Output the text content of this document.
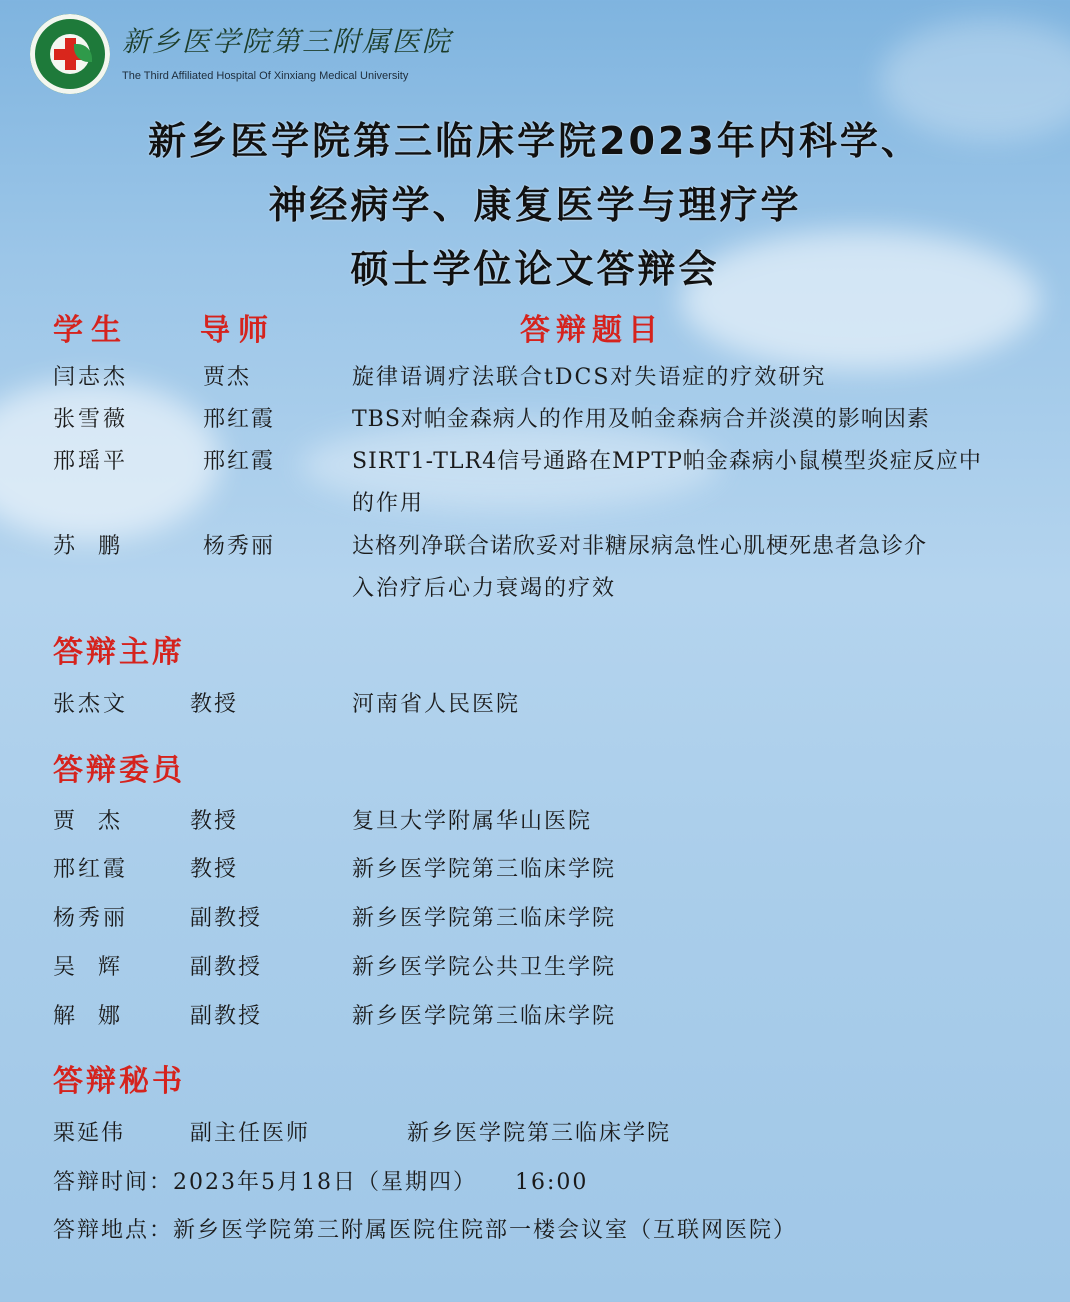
新乡医学院第三附属医院
The Third Affiliated Hospital Of Xinxiang Medical University
新乡医学院第三临床学院2023年内科学、
神经病学、康复医学与理疗学
硕士学位论文答辩会
学生 导师	答辩题目
闫志杰	贾杰	旋律语调疗法联合tDCS对失语症的疗效研究
张雪薇	邢红霞	TBS对帕金森病人的作用及帕金森病合并淡漠的影响因素
邢瑶平	邢红霞	SIRT1-TLR4信号通路在MPTP帕金森病小鼠模型炎症反应中
的作用
苏  鹏	杨秀丽	达格列净联合诺欣妥对非糖尿病急性心肌梗死患者急诊介
入治疗后心力衰竭的疗效
答辩主席
张杰文	教授	河南省人民医院
答辩委员
贾  杰	教授	复旦大学附属华山医院
邢红霞	教授	新乡医学院第三临床学院
杨秀丽	副教授	新乡医学院第三临床学院
吴  辉	副教授	新乡医学院公共卫生学院
解  娜	副教授	新乡医学院第三临床学院
答辩秘书
栗延伟	副主任医师	新乡医学院第三临床学院
答辩时间：2023年5月18日（星期四） 16:00
答辩地点：新乡医学院第三附属医院住院部一楼会议室（互联网医院）
